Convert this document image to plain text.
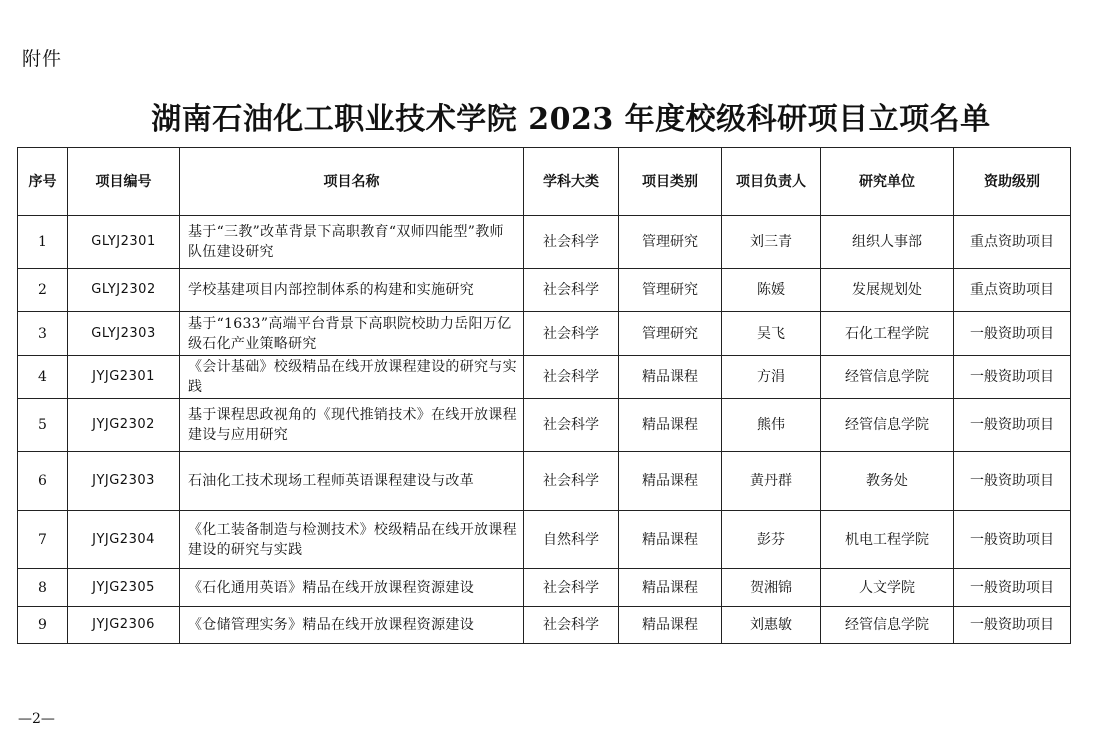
附件
湖南石油化工职业技术学院 2023 年度校级科研项目立项名单
序号	项目编号	项目名称	学科大类	项目类别	项目负责人	研究单位	资助级别
1	GLYJ2301	基于“三教”改革背景下高职教育“双师四能型”教师队伍建设研究	社会科学	管理研究	刘三青	组织人事部	重点资助项目
2	GLYJ2302	学校基建项目内部控制体系的构建和实施研究	社会科学	管理研究	陈媛	发展规划处	重点资助项目
3	GLYJ2303	基于“1633”高端平台背景下高职院校助力岳阳万亿级石化产业策略研究	社会科学	管理研究	吴飞	石化工程学院	一般资助项目
4	JYJG2301	《会计基础》校级精品在线开放课程建设的研究与实践	社会科学	精品课程	方涓	经管信息学院	一般资助项目
5	JYJG2302	基于课程思政视角的《现代推销技术》在线开放课程建设与应用研究	社会科学	精品课程	熊伟	经管信息学院	一般资助项目
6	JYJG2303	石油化工技术现场工程师英语课程建设与改革	社会科学	精品课程	黄丹群	教务处	一般资助项目
7	JYJG2304	《化工装备制造与检测技术》校级精品在线开放课程建设的研究与实践	自然科学	精品课程	彭芬	机电工程学院	一般资助项目
8	JYJG2305	《石化通用英语》精品在线开放课程资源建设	社会科学	精品课程	贺湘锦	人文学院	一般资助项目
9	JYJG2306	《仓储管理实务》精品在线开放课程资源建设	社会科学	精品课程	刘惠敏	经管信息学院	一般资助项目
—2—
